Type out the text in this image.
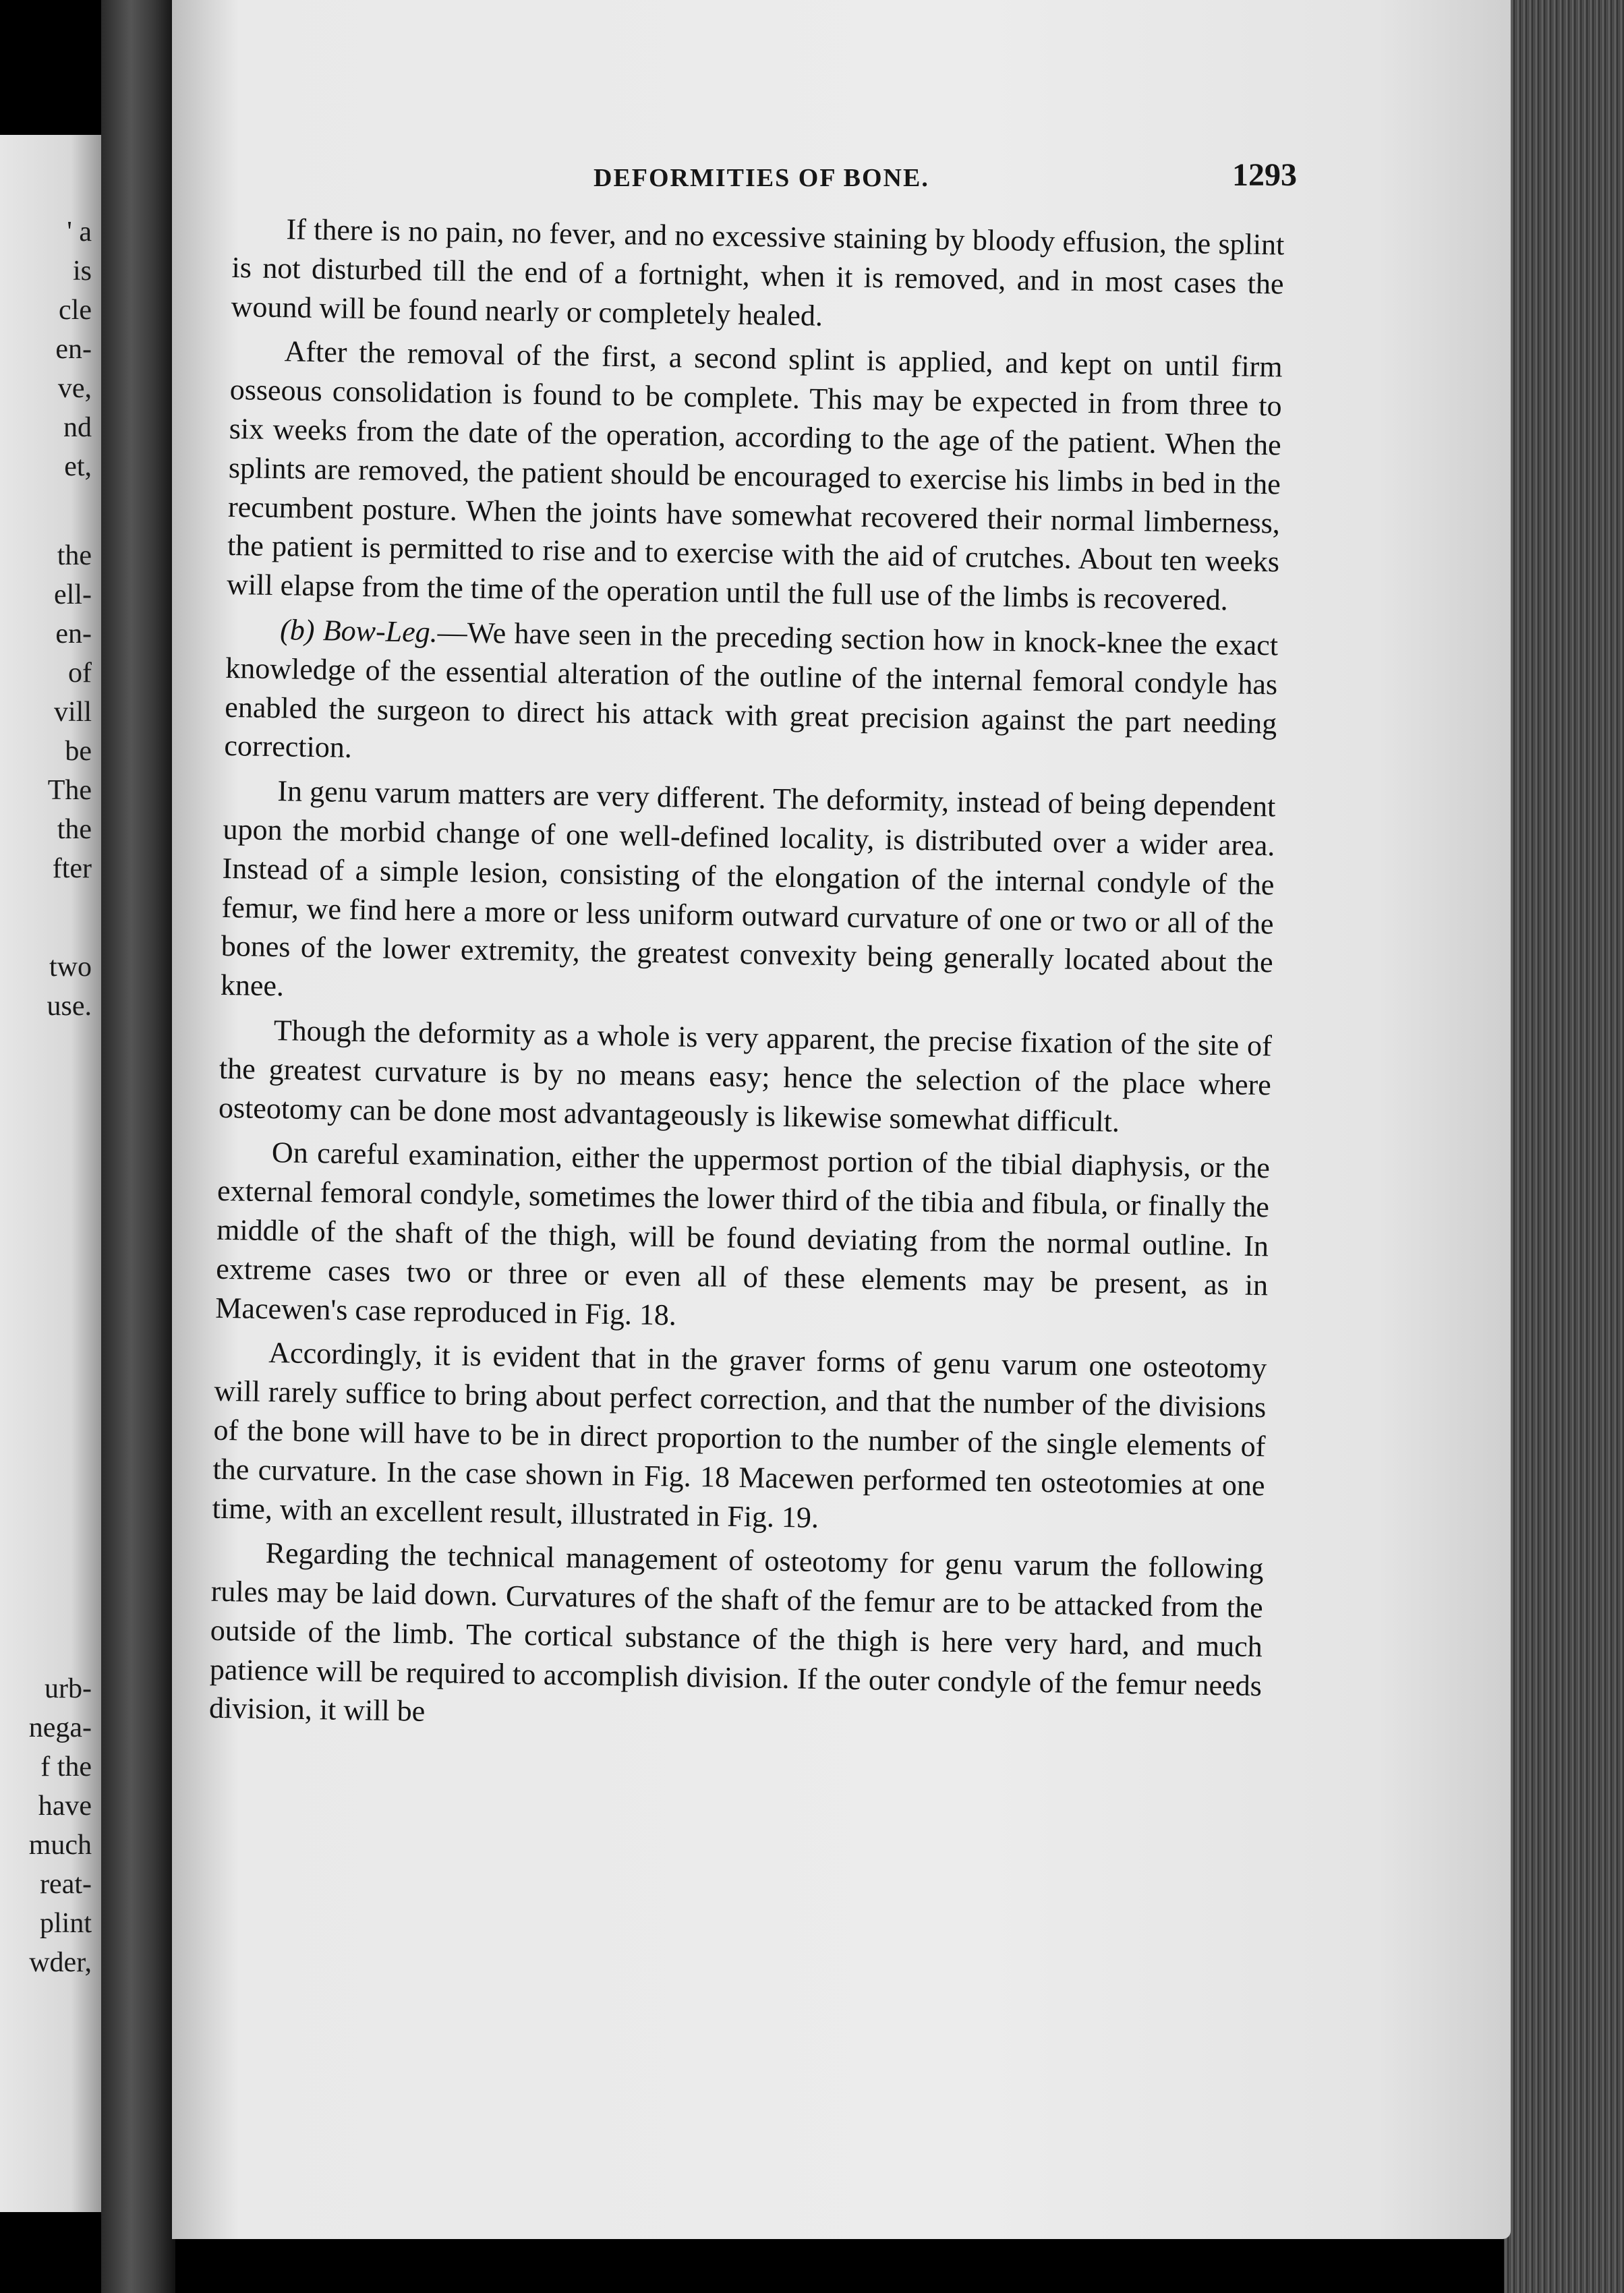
' a
is
cle
en-
ve,
nd
et,
the
ell-
en-
of
vill
be
The
the
fter
two
use.
urb-
nega-
f the
have
much
reat-
plint
wder,
DEFORMITIES OF BONE.	1293

If there is no pain, no fever, and no excessive staining by bloody effusion, the splint is not disturbed till the end of a fortnight, when it is removed, and in most cases the wound will be found nearly or completely healed.

After the removal of the first, a second splint is applied, and kept on until firm osseous consolidation is found to be complete. This may be expected in from three to six weeks from the date of the operation, according to the age of the patient. When the splints are removed, the patient should be encouraged to exercise his limbs in bed in the recumbent posture. When the joints have somewhat recovered their normal limberness, the patient is permitted to rise and to exercise with the aid of crutches. About ten weeks will elapse from the time of the operation until the full use of the limbs is recovered.

(b) Bow-Leg.—We have seen in the preceding section how in knock-knee the exact knowledge of the essential alteration of the outline of the internal femoral condyle has enabled the surgeon to direct his attack with great precision against the part needing correction.

In genu varum matters are very different. The deformity, instead of being dependent upon the morbid change of one well-defined locality, is distributed over a wider area. Instead of a simple lesion, consisting of the elongation of the internal condyle of the femur, we find here a more or less uniform outward curvature of one or two or all of the bones of the lower extremity, the greatest convexity being generally located about the knee.

Though the deformity as a whole is very apparent, the precise fixation of the site of the greatest curvature is by no means easy; hence the selection of the place where osteotomy can be done most advantageously is likewise somewhat difficult.

On careful examination, either the uppermost portion of the tibial diaphysis, or the external femoral condyle, sometimes the lower third of the tibia and fibula, or finally the middle of the shaft of the thigh, will be found deviating from the normal outline. In extreme cases two or three or even all of these elements may be present, as in Macewen's case reproduced in Fig. 18.

Accordingly, it is evident that in the graver forms of genu varum one osteotomy will rarely suffice to bring about perfect correction, and that the number of the divisions of the bone will have to be in direct proportion to the number of the single elements of the curvature. In the case shown in Fig. 18 Macewen performed ten osteotomies at one time, with an excellent result, illustrated in Fig. 19.

Regarding the technical management of osteotomy for genu varum the following rules may be laid down. Curvatures of the shaft of the femur are to be attacked from the outside of the limb. The cortical substance of the thigh is here very hard, and much patience will be required to accomplish division. If the outer condyle of the femur needs division, it will be
